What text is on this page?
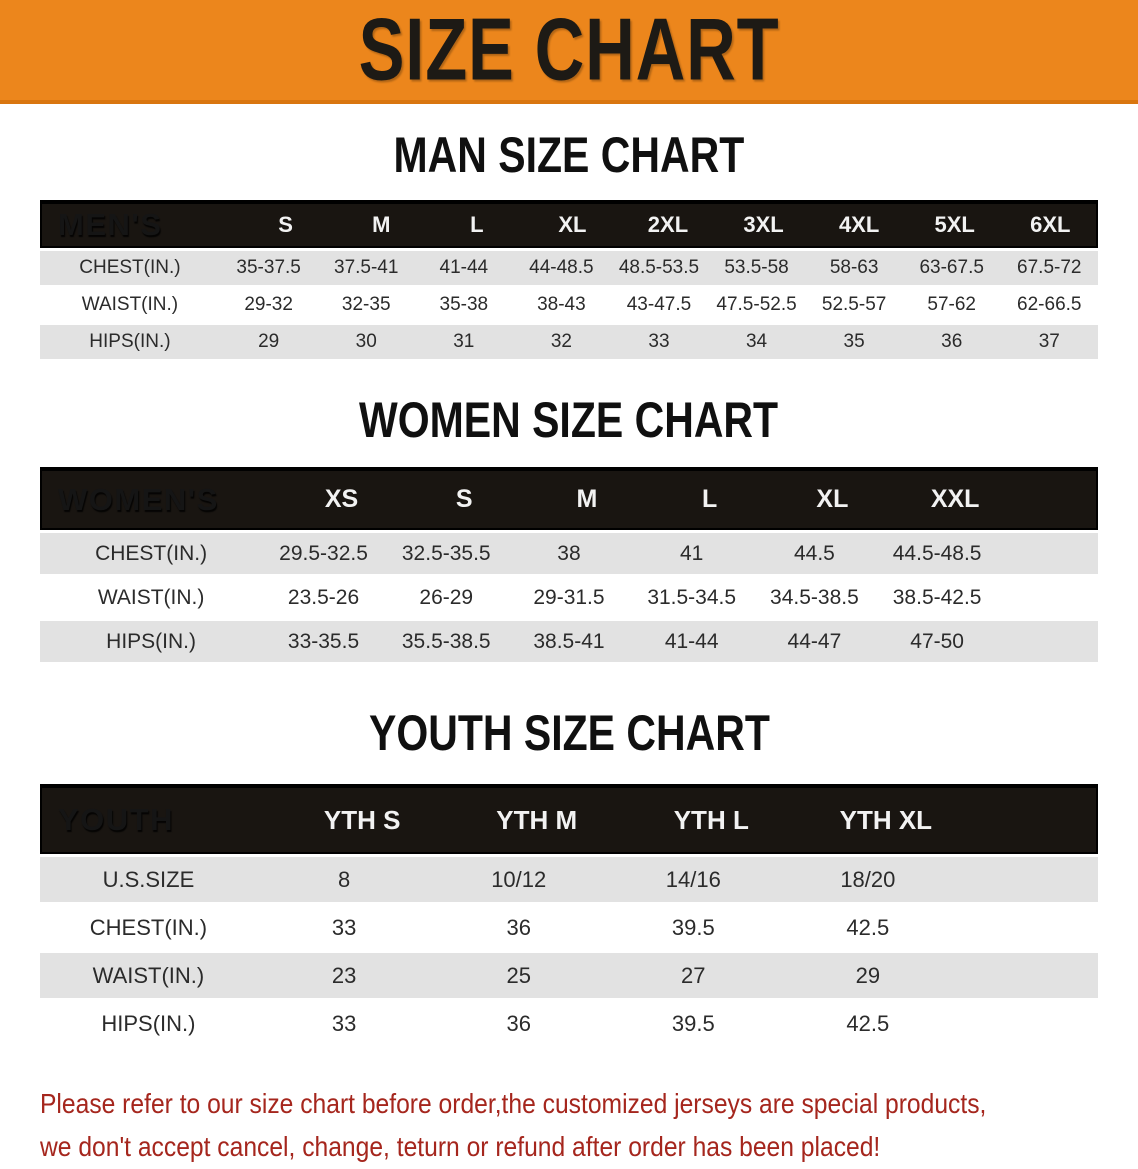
SIZE CHART
MAN SIZE CHART
MEN'S	S	M	L	XL	2XL	3XL	4XL	5XL	6XL
CHEST(IN.)	35-37.5	37.5-41	41-44	44-48.5	48.5-53.5	53.5-58	58-63	63-67.5	67.5-72
WAIST(IN.)	29-32	32-35	35-38	38-43	43-47.5	47.5-52.5	52.5-57	57-62	62-66.5
HIPS(IN.)	29	30	31	32	33	34	35	36	37
WOMEN SIZE CHART
WOMEN'S	XS	S	M	L	XL	XXL
CHEST(IN.)	29.5-32.5	32.5-35.5	38	41	44.5	44.5-48.5
WAIST(IN.)	23.5-26	26-29	29-31.5	31.5-34.5	34.5-38.5	38.5-42.5
HIPS(IN.)	33-35.5	35.5-38.5	38.5-41	41-44	44-47	47-50
YOUTH SIZE CHART
YOUTH	YTH S	YTH M	YTH L	YTH XL
U.S.SIZE	8	10/12	14/16	18/20
CHEST(IN.)	33	36	39.5	42.5
WAIST(IN.)	23	25	27	29
HIPS(IN.)	33	36	39.5	42.5

Please refer to our size chart before order,the customized jerseys are special products,
we don't accept cancel, change, teturn or refund after order has been placed!
